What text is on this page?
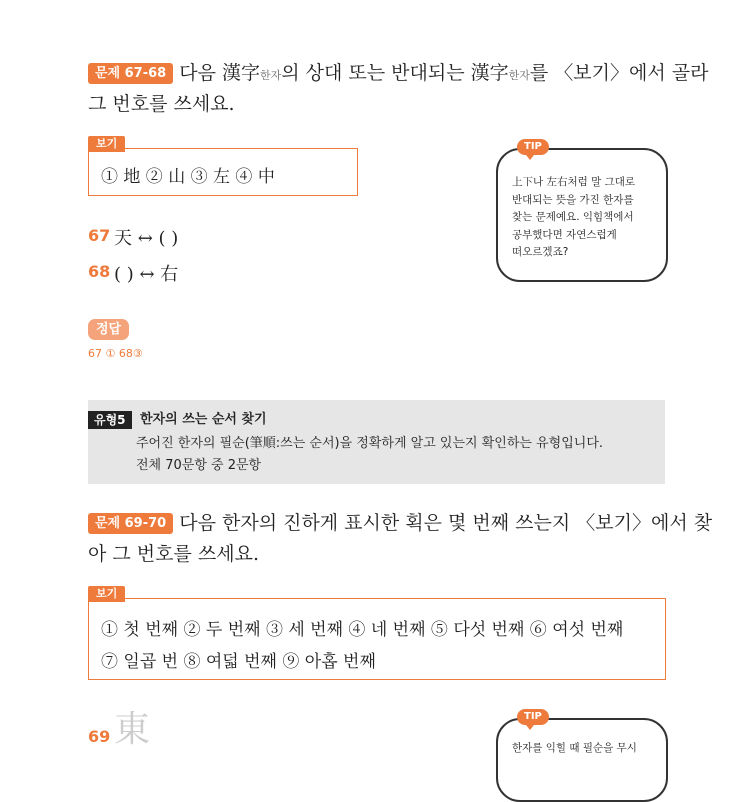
문제 67-68 다음 漢字한자의 상대 또는 반대되는 漢字한자를 〈보기〉에서 골라
그 번호를 쓰세요.
보기
① 地 ② 山 ③ 左 ④ 中
67 天 ↔ ( )
68 ( ) ↔ 右
TIP
上下나 左右처럼 말 그대로
반대되는 뜻을 가진 한자를
찾는 문제예요. 익힘책에서
공부했다면 자연스럽게
떠오르겠죠?
정답
67 ① 68③
유형5	한자의 쓰는 순서 찾기
주어진 한자의 필순(筆順:쓰는 순서)을 정확하게 알고 있는지 확인하는 유형입니다.
전체 70문항 중 2문항
문제 69-70 다음 한자의 진하게 표시한 획은 몇 번째 쓰는지 〈보기〉에서 찾
아 그 번호를 쓰세요.
보기
① 첫 번째 ② 두 번째 ③ 세 번째 ④ 네 번째 ⑤ 다섯 번째 ⑥ 여섯 번째
⑦ 일곱 번 ⑧ 여덟 번째 ⑨ 아홉 번째
69 東	TIP
한자를 익힐 때 필순을 무시
